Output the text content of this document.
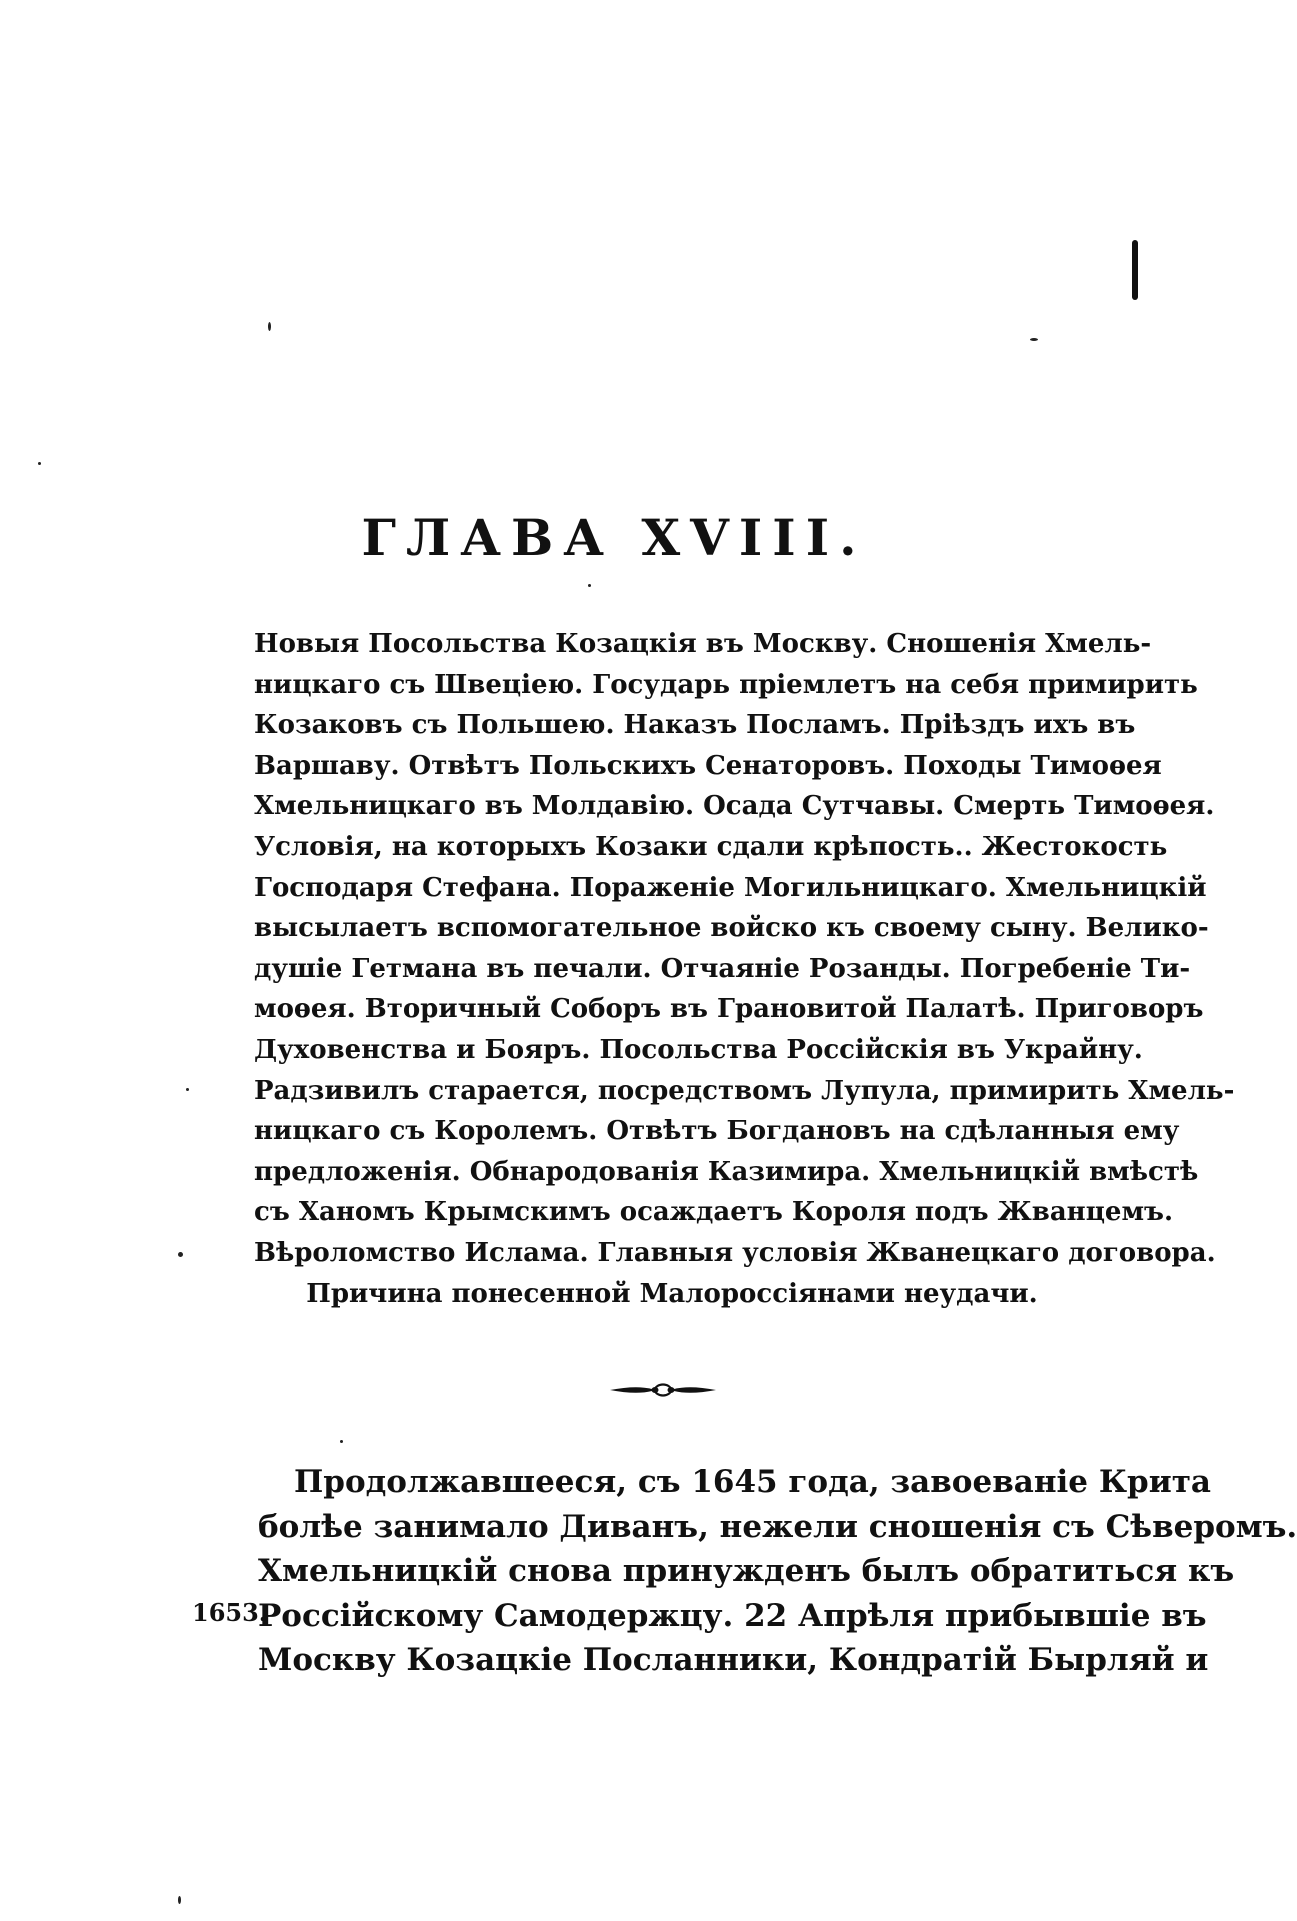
ГЛАВА XVIII.
Новыя Посольства Козацкія въ Москву. Сношенія Хмель-
ницкаго съ Швеціею. Государь пріемлетъ на себя примирить
Козаковъ съ Польшею. Наказъ Посламъ. Пріѣздъ ихъ въ
Варшаву. Отвѣтъ Польскихъ Сенаторовъ. Походы Тимоѳея
Хмельницкаго въ Молдавію. Осада Сутчавы. Смерть Тимоѳея.
Условія, на которыхъ Козаки сдали крѣпость.. Жестокость
Господаря Стефана. Пораженіе Могильницкаго. Хмельницкій
высылаетъ вспомогательное войско къ своему сыну. Велико-
душіе Гетмана въ печали. Отчаяніе Розанды. Погребеніе Ти-
моѳея. Вторичный Соборъ въ Грановитой Палатѣ. Приговоръ
Духовенства и Бояръ. Посольства Россійскія въ Украйну.
Радзивилъ старается, посредствомъ Лупула, примирить Хмель-
ницкаго съ Королемъ. Отвѣтъ Богдановъ на сдѣланныя ему
предложенія. Обнародованія Казимира. Хмельницкій вмѣстѣ
съ Ханомъ Крымскимъ осаждаетъ Короля подъ Жванцемъ.
Вѣроломство Ислама. Главныя условія Жванецкаго договора.
Причина понесенной Малороссіянами неудачи.
Продолжавшееся, съ 1645 года, завоеваніе Крита
болѣе занимало Диванъ, нежели сношенія съ Сѣверомъ.
Хмельницкій снова принужденъ былъ обратиться къ
Россійскому Самодержцу. 22 Апрѣля прибывшіе въ
Москву Козацкіе Посланники, Кондратій Бырляй и
1653.
